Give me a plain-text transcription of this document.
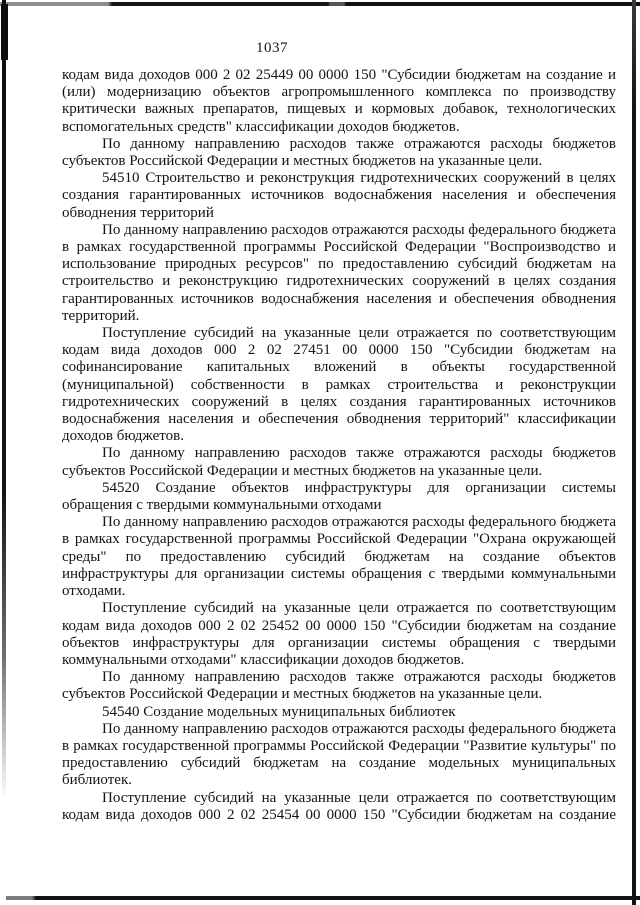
1037

кодам вида доходов 000 2 02 25449 00 0000 150 "Субсидии бюджетам на создание и (или) модернизацию объектов агропромышленного комплекса по производству критически важных препаратов, пищевых и кормовых добавок, технологических вспомогательных средств" классификации доходов бюджетов.

По данному направлению расходов также отражаются расходы бюджетов субъектов Российской Федерации и местных бюджетов на указанные цели.

54510 Строительство и реконструкция гидротехнических сооружений в целях создания гарантированных источников водоснабжения населения и обеспечения обводнения территорий

По данному направлению расходов отражаются расходы федерального бюджета в рамках государственной программы Российской Федерации "Воспроизводство и использование природных ресурсов" по предоставлению субсидий бюджетам на строительство и реконструкцию гидротехнических сооружений в целях создания гарантированных источников водоснабжения населения и обеспечения обводнения территорий.

Поступление субсидий на указанные цели отражается по соответствующим кодам вида доходов 000 2 02 27451 00 0000 150 "Субсидии бюджетам на софинансирование капитальных вложений в объекты государственной (муниципальной) собственности в рамках строительства и реконструкции гидротехнических сооружений в целях создания гарантированных источников водоснабжения населения и обеспечения обводнения территорий" классификации доходов бюджетов.

По данному направлению расходов также отражаются расходы бюджетов субъектов Российской Федерации и местных бюджетов на указанные цели.

54520 Создание объектов инфраструктуры для организации системы обращения с твердыми коммунальными отходами

По данному направлению расходов отражаются расходы федерального бюджета в рамках государственной программы Российской Федерации "Охрана окружающей среды" по предоставлению субсидий бюджетам на создание объектов инфраструктуры для организации системы обращения с твердыми коммунальными отходами.

Поступление субсидий на указанные цели отражается по соответствующим кодам вида доходов 000 2 02 25452 00 0000 150 "Субсидии бюджетам на создание объектов инфраструктуры для организации системы обращения с твердыми коммунальными отходами" классификации доходов бюджетов.

По данному направлению расходов также отражаются расходы бюджетов субъектов Российской Федерации и местных бюджетов на указанные цели.

54540 Создание модельных муниципальных библиотек

По данному направлению расходов отражаются расходы федерального бюджета в рамках государственной программы Российской Федерации "Развитие культуры" по предоставлению субсидий бюджетам на создание модельных муниципальных библиотек.

Поступление субсидий на указанные цели отражается по соответствующим кодам вида доходов 000 2 02 25454 00 0000 150 "Субсидии бюджетам на создание
